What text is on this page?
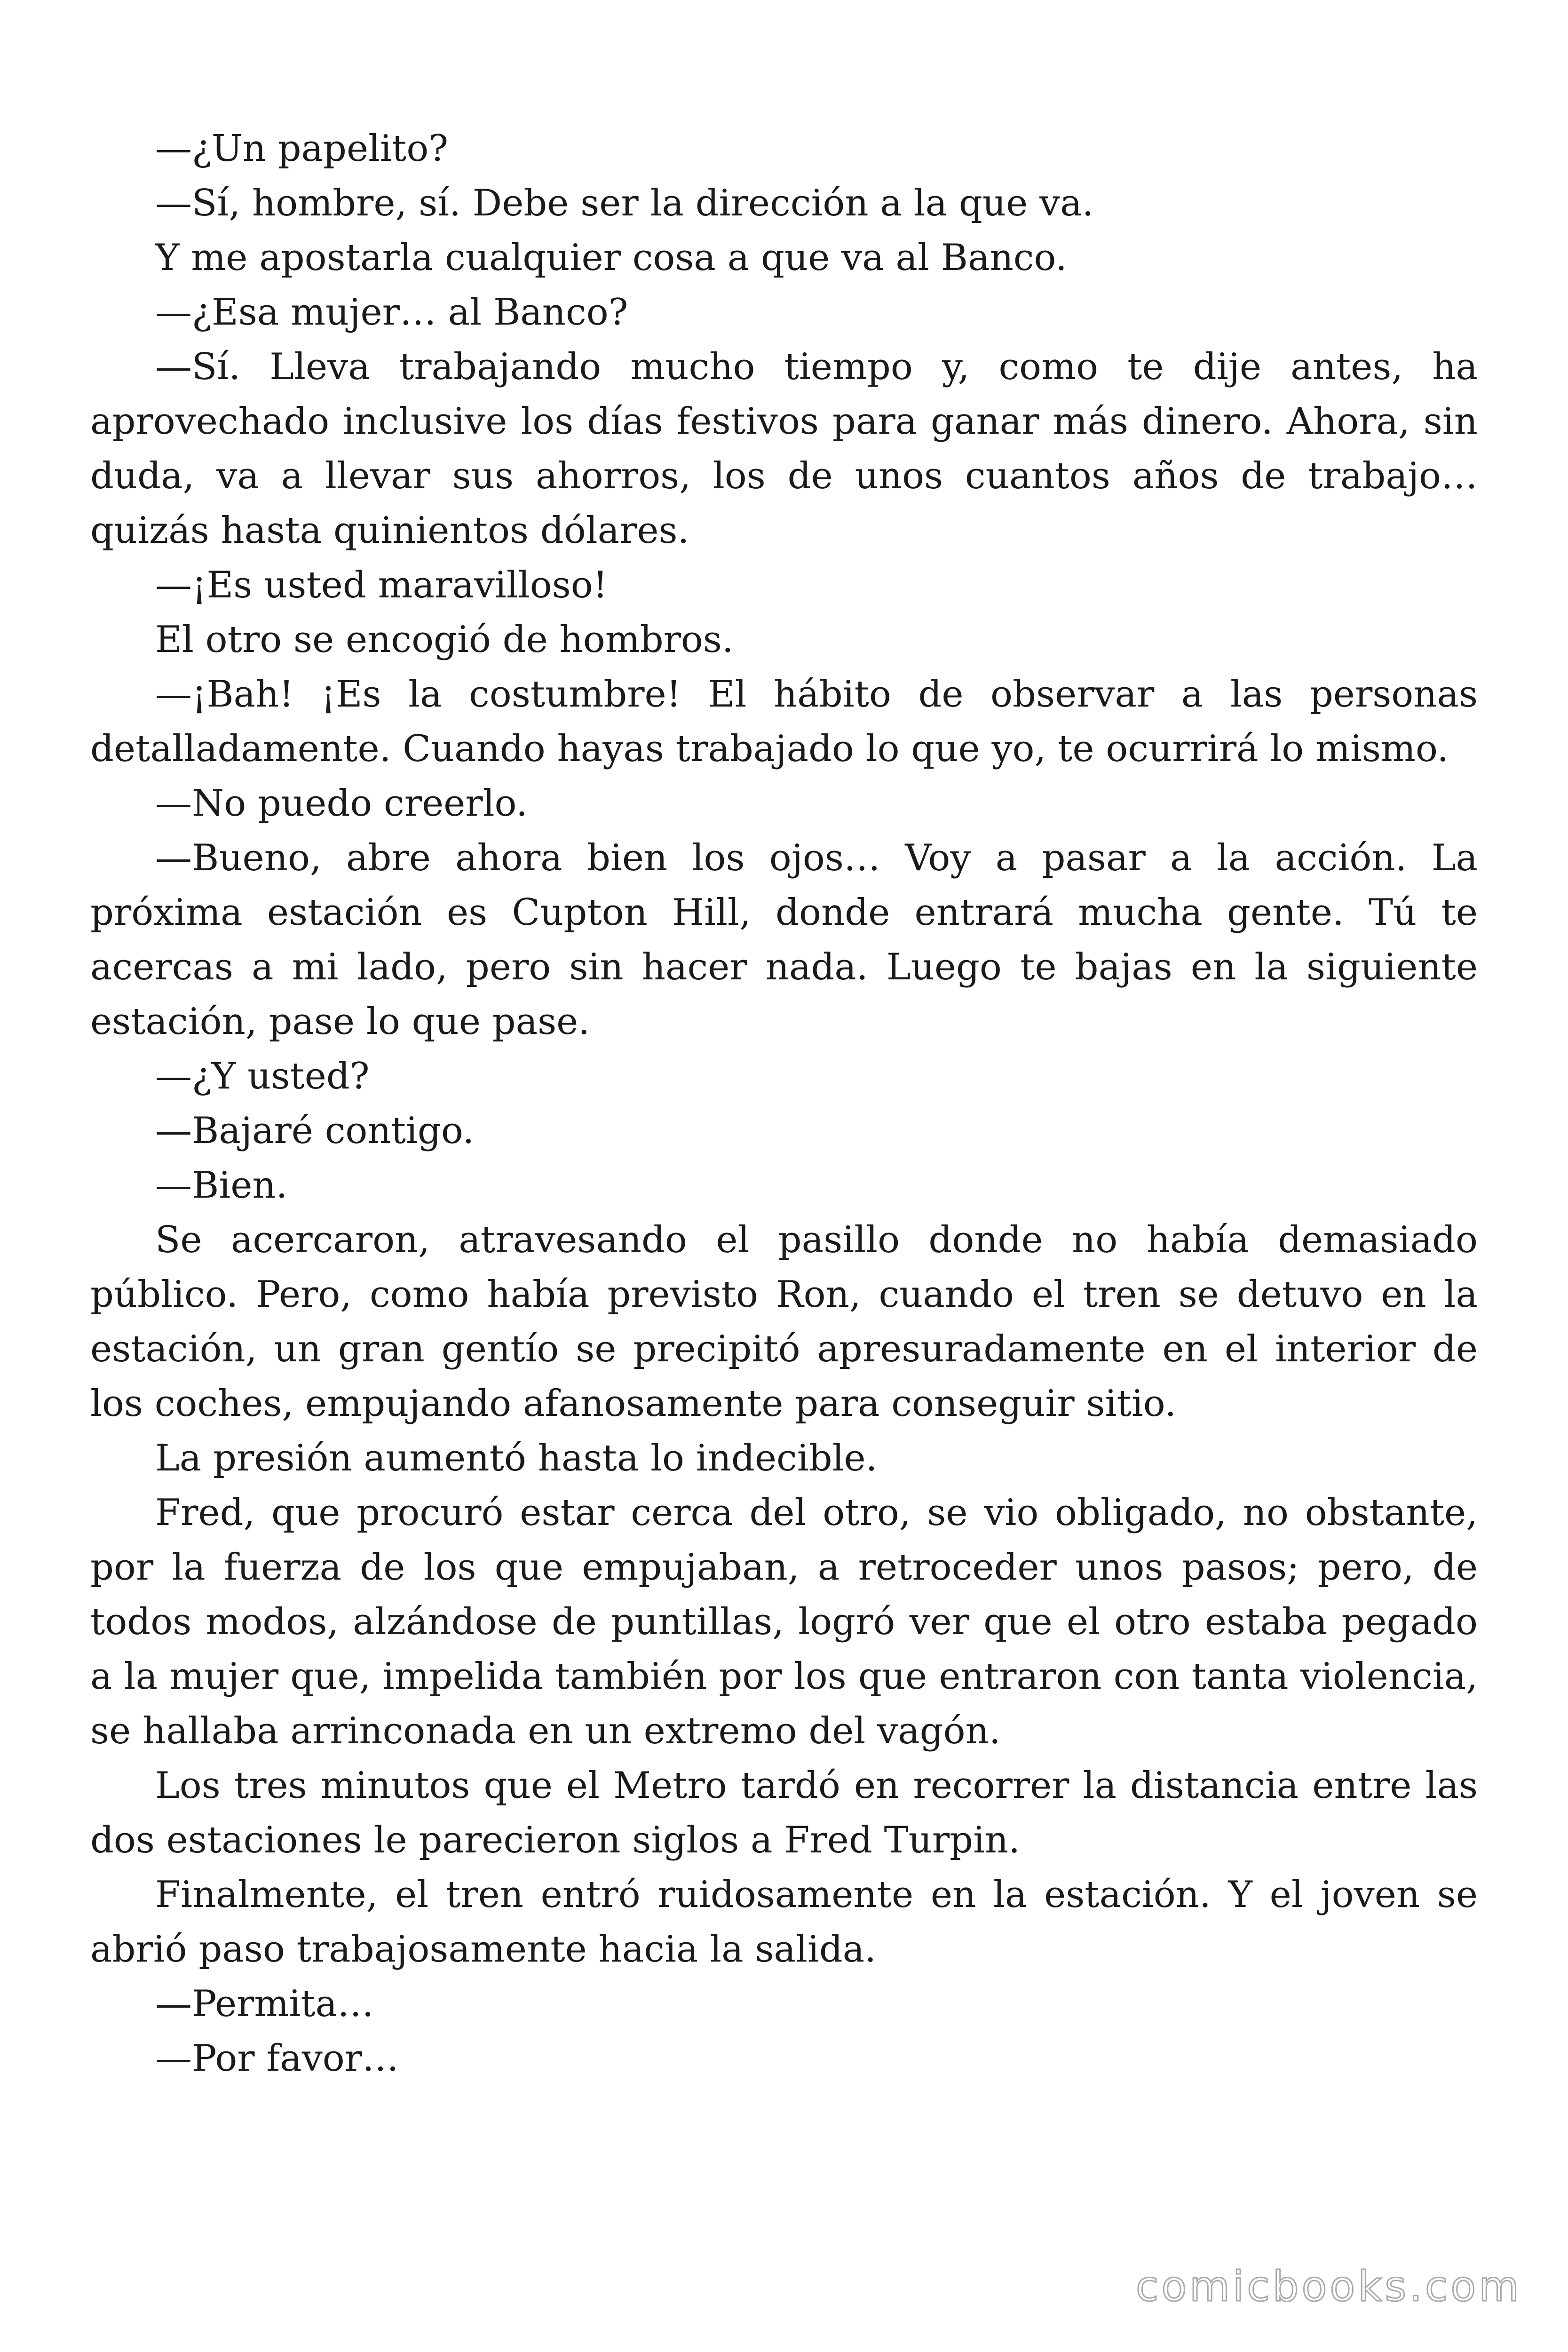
—¿Un papelito?

—Sí, hombre, sí. Debe ser la dirección a la que va.

Y me apostarla cualquier cosa a que va al Banco.

—¿Esa mujer… al Banco?

—Sí. Lleva trabajando mucho tiempo y, como te dije antes, ha aprovechado inclusive los días festivos para ganar más dinero. Ahora, sin duda, va a llevar sus ahorros, los de unos cuantos años de trabajo… quizás hasta quinientos dólares.

—¡Es usted maravilloso!

El otro se encogió de hombros.

—¡Bah! ¡Es la costumbre! El hábito de observar a las personas detalladamente. Cuando hayas trabajado lo que yo, te ocurrirá lo mismo.

—No puedo creerlo.

—Bueno, abre ahora bien los ojos… Voy a pasar a la acción. La próxima estación es Cupton Hill, donde entrará mucha gente. Tú te acercas a mi lado, pero sin hacer nada. Luego te bajas en la siguiente estación, pase lo que pase.

—¿Y usted?

—Bajaré contigo.

—Bien.

Se acercaron, atravesando el pasillo donde no había demasiado público. Pero, como había previsto Ron, cuando el tren se detuvo en la estación, un gran gentío se precipitó apresuradamente en el interior de los coches, empujando afanosamente para conseguir sitio.

La presión aumentó hasta lo indecible.

Fred, que procuró estar cerca del otro, se vio obligado, no obstante, por la fuerza de los que empujaban, a retroceder unos pasos; pero, de todos modos, alzándose de puntillas, logró ver que el otro estaba pegado a la mujer que, impelida también por los que entraron con tanta violencia, se hallaba arrinconada en un extremo del vagón.

Los tres minutos que el Metro tardó en recorrer la distancia entre las dos estaciones le parecieron siglos a Fred Turpin.

Finalmente, el tren entró ruidosamente en la estación. Y el joven se abrió paso trabajosamente hacia la salida.

—Permita…

—Por favor…

comicbooks.com
